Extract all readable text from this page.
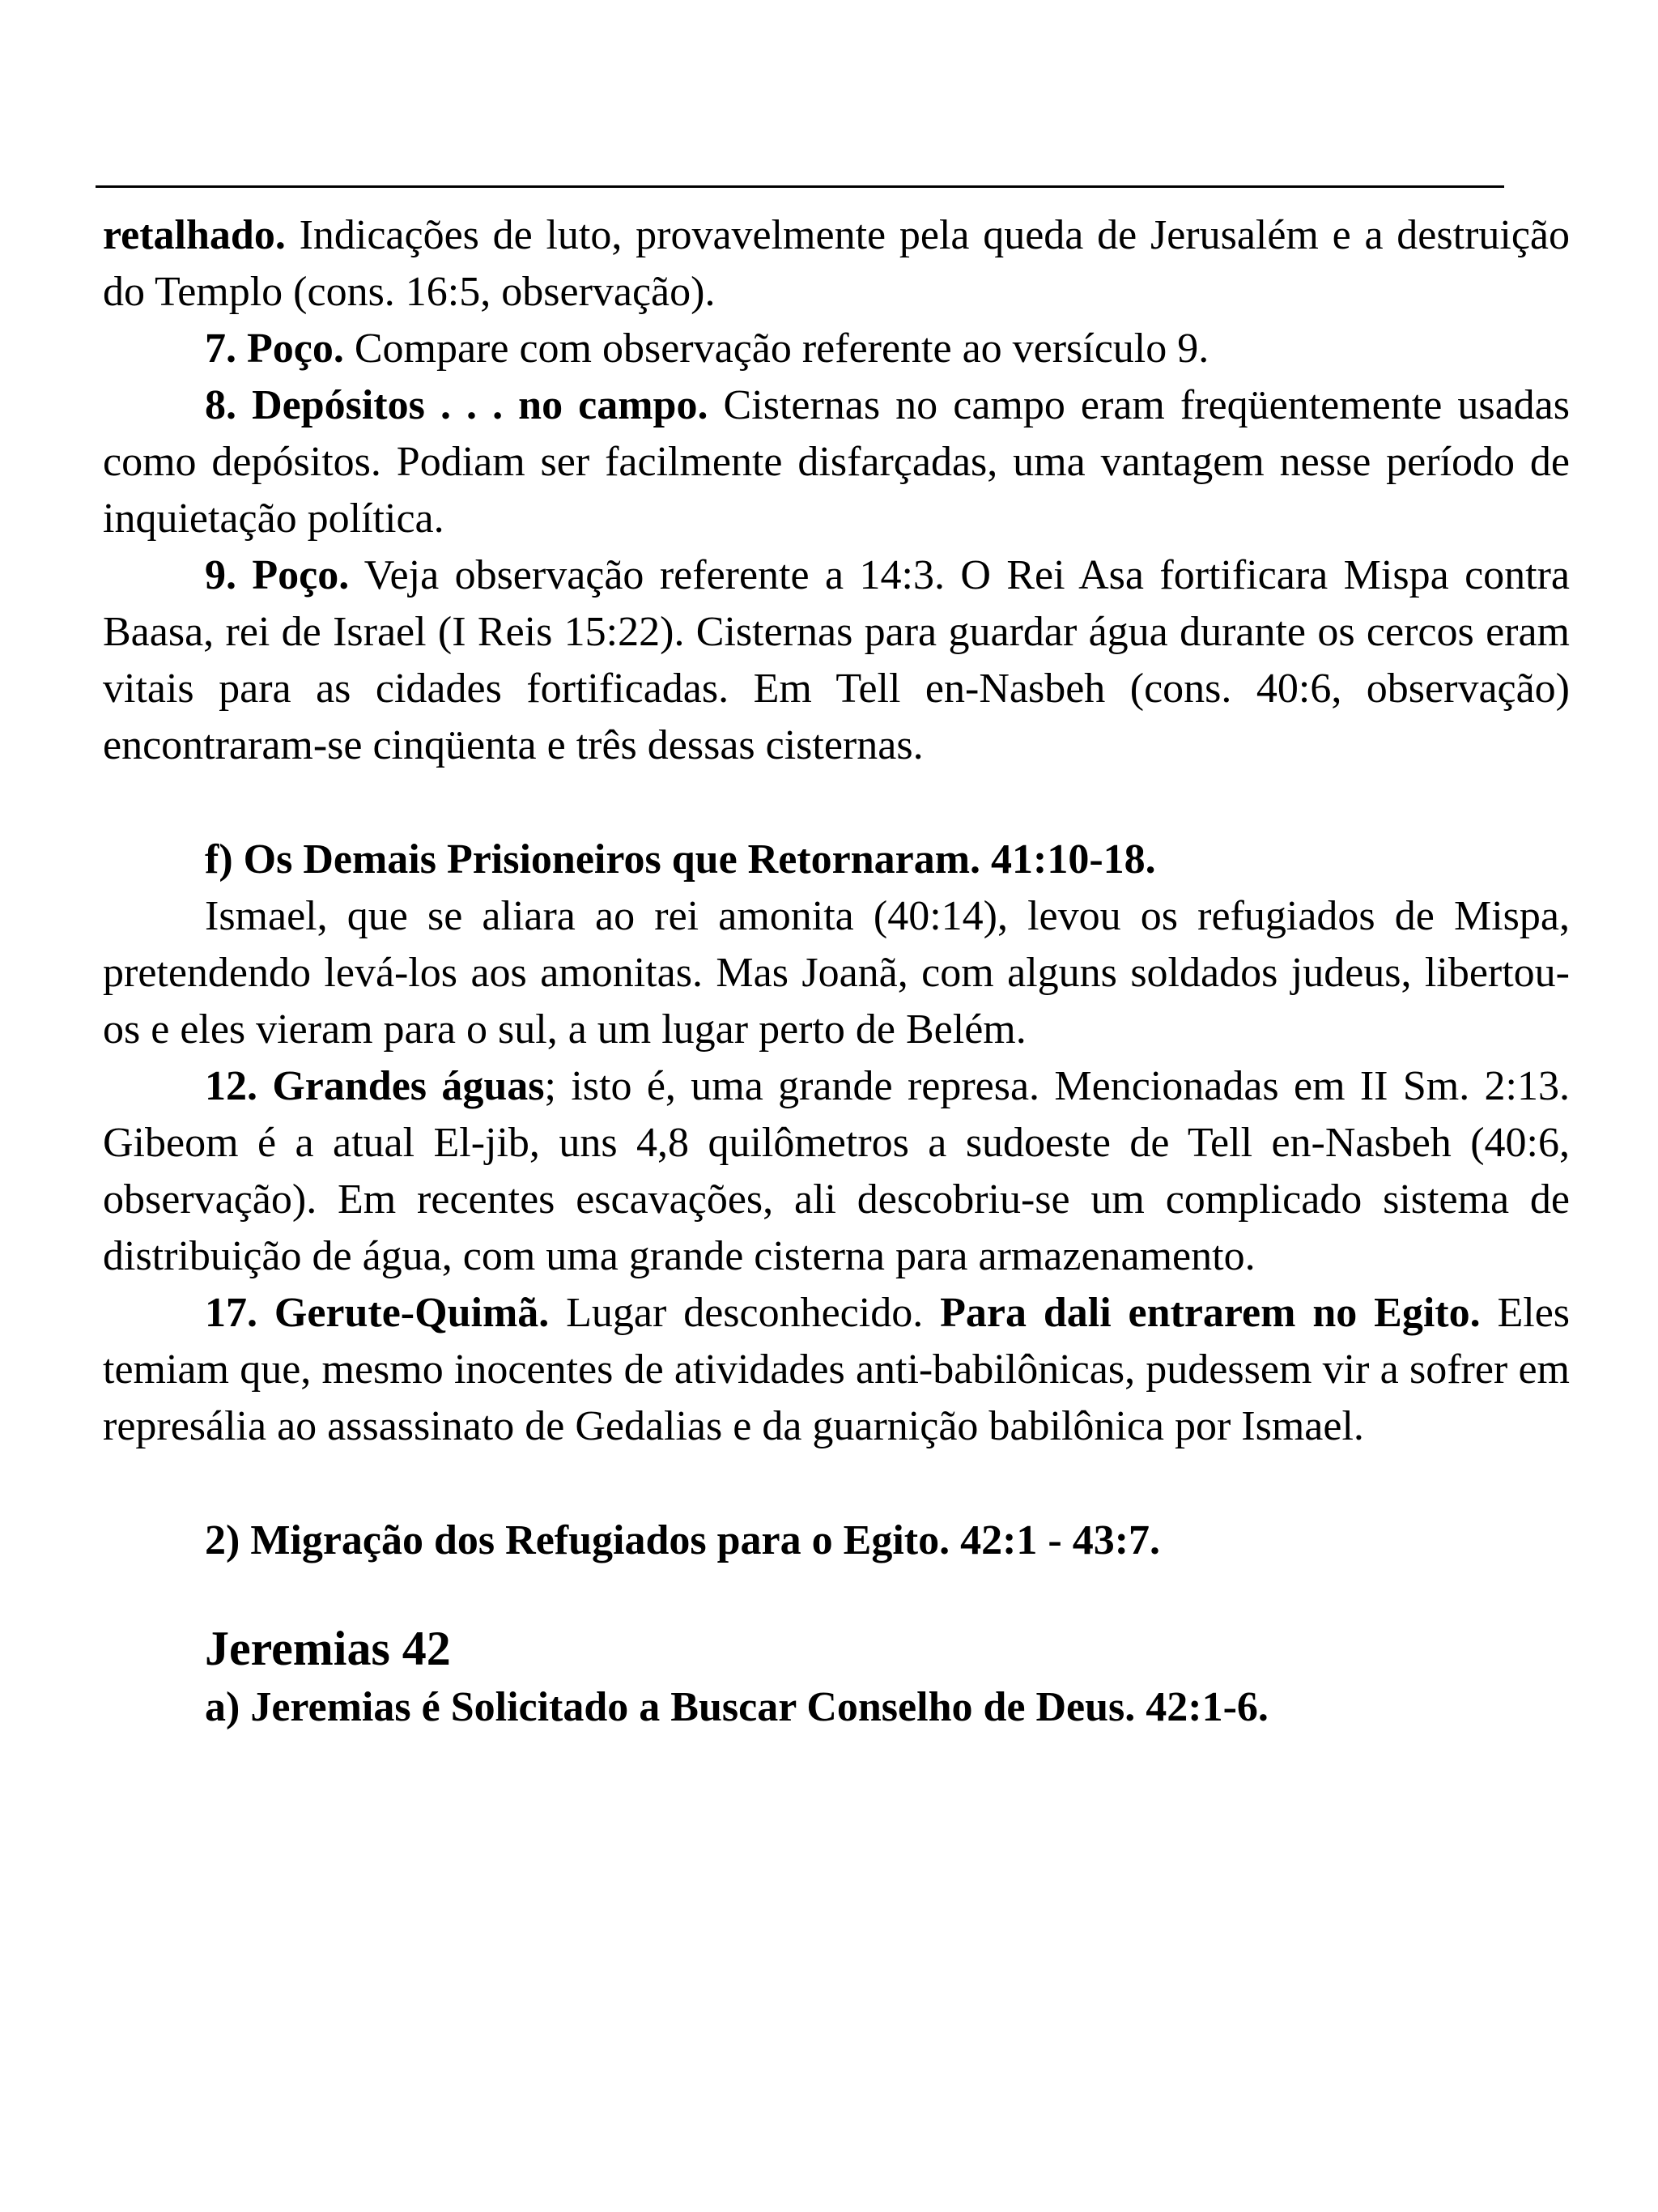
retalhado. Indicações de luto, provavelmente pela queda de Jerusalém e a destruição do Templo (cons. 16:5, observação).

7. Poço. Compare com observação referente ao versículo 9.

8. Depósitos . . . no campo. Cisternas no campo eram freqüentemente usadas como depósitos. Podiam ser facilmente disfarçadas, uma vantagem nesse período de inquietação política.

9. Poço. Veja observação referente a 14:3. O Rei Asa fortificara Mispa contra Baasa, rei de Israel (I Reis 15:22). Cisternas para guardar água durante os cercos eram vitais para as cidades fortificadas. Em Tell en-Nasbeh (cons. 40:6, observação) encontraram-se cinqüenta e três dessas cisternas.

f) Os Demais Prisioneiros que Retornaram. 41:10-18.

Ismael, que se aliara ao rei amonita (40:14), levou os refugiados de Mispa, pretendendo levá-los aos amonitas. Mas Joanã, com alguns soldados judeus, libertou-os e eles vieram para o sul, a um lugar perto de Belém.

12. Grandes águas; isto é, uma grande represa. Mencionadas em II Sm. 2:13. Gibeom é a atual El-jib, uns 4,8 quilômetros a sudoeste de Tell en-Nasbeh (40:6, observação). Em recentes escavações, ali descobriu-se um complicado sistema de distribuição de água, com uma grande cisterna para armazenamento.

17. Gerute-Quimã. Lugar desconhecido. Para dali entrarem no Egito. Eles temiam que, mesmo inocentes de atividades anti-babilônicas, pudessem vir a sofrer em represália ao assassinato de Gedalias e da guarnição babilônica por Ismael.

2) Migração dos Refugiados para o Egito. 42:1 - 43:7.

Jeremias 42

a) Jeremias é Solicitado a Buscar Conselho de Deus. 42:1-6.
